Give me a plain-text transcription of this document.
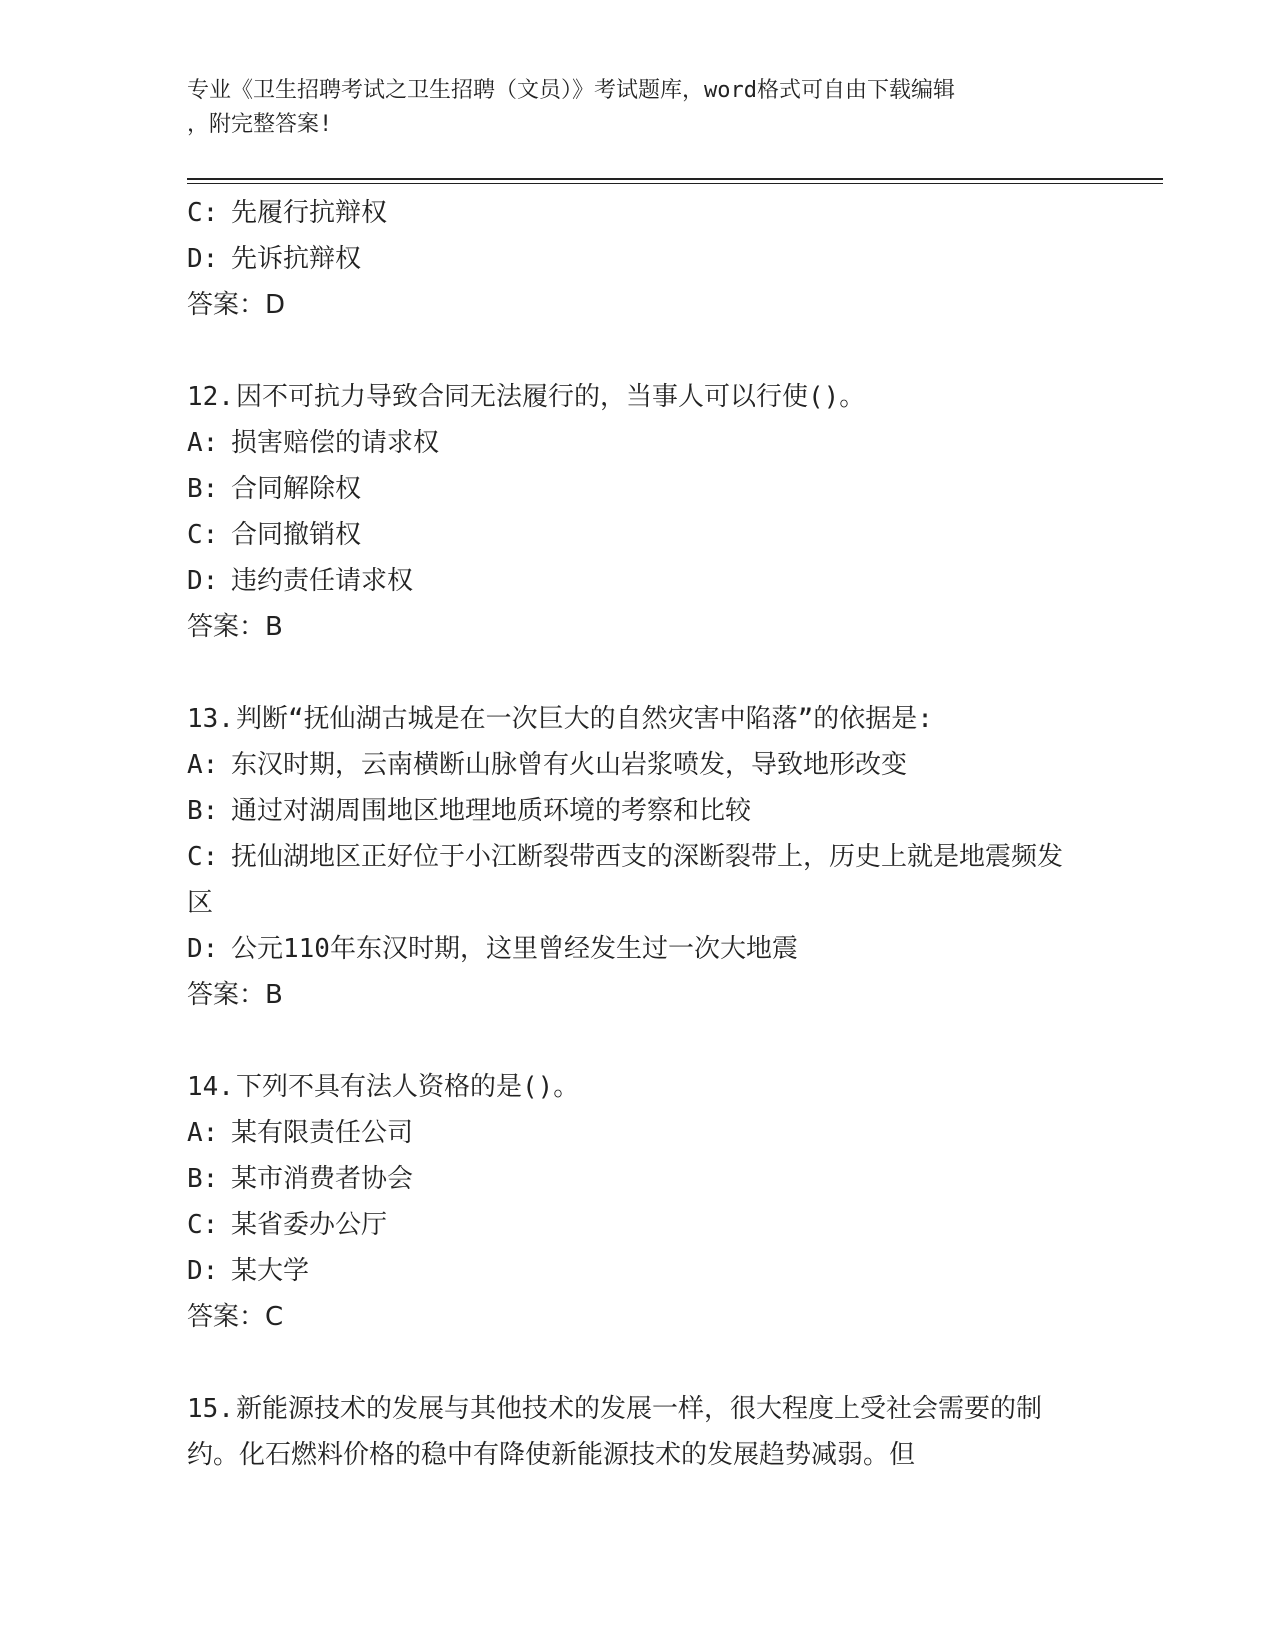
专业《卫生招聘考试之卫生招聘（文员）》考试题库，word格式可自由下载编辑
，附完整答案!
C: 先履行抗辩权
D: 先诉抗辩权
答案：D
12.因不可抗力导致合同无法履行的，当事人可以行使()。
A: 损害赔偿的请求权
B: 合同解除权
C: 合同撤销权
D: 违约责任请求权
答案：B
13.判断“抚仙湖古城是在一次巨大的自然灾害中陷落”的依据是:
A: 东汉时期，云南横断山脉曾有火山岩浆喷发，导致地形改变
B: 通过对湖周围地区地理地质环境的考察和比较
C: 抚仙湖地区正好位于小江断裂带西支的深断裂带上，历史上就是地震频发区
D: 公元110年东汉时期，这里曾经发生过一次大地震
答案：B
14.下列不具有法人资格的是()。
A: 某有限责任公司
B: 某市消费者协会
C: 某省委办公厅
D: 某大学
答案：C
15.新能源技术的发展与其他技术的发展一样，很大程度上受社会需要的制约。化石燃料价格的稳中有降使新能源技术的发展趋势减弱。但
